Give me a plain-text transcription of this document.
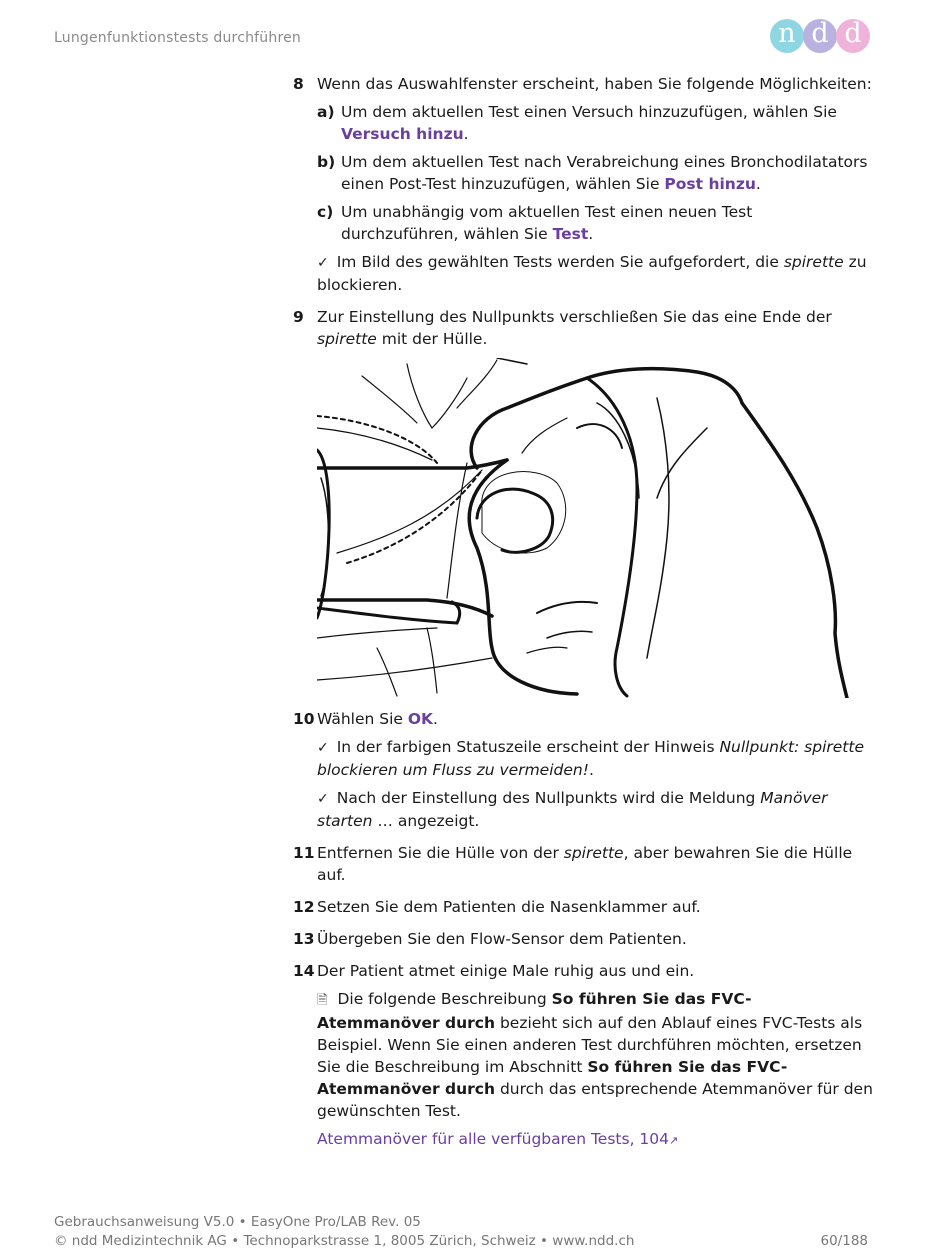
Lungenfunktionstests durchführen	n d d
8 Wenn das Auswahlfenster erscheint, haben Sie folgende Möglichkeiten:
a) Um dem aktuellen Test einen Versuch hinzuzufügen, wählen Sie Versuch hinzu.
b) Um dem aktuellen Test nach Verabreichung eines Bronchodilatators einen Post-Test hinzuzufügen, wählen Sie Post hinzu.
c) Um unabhängig vom aktuellen Test einen neuen Test durchzuführen, wählen Sie Test.
✓ Im Bild des gewählten Tests werden Sie aufgefordert, die spirette zu blockieren.
9 Zur Einstellung des Nullpunkts verschließen Sie das eine Ende der spirette mit der Hülle.
10 Wählen Sie OK.
✓ In der farbigen Statuszeile erscheint der Hinweis Nullpunkt: spirette blockieren um Fluss zu vermeiden!.
✓ Nach der Einstellung des Nullpunkts wird die Meldung Manöver starten … angezeigt.
11 Entfernen Sie die Hülle von der spirette, aber bewahren Sie die Hülle auf.
12 Setzen Sie dem Patienten die Nasenklammer auf.
13 Übergeben Sie den Flow-Sensor dem Patienten.
14 Der Patient atmet einige Male ruhig aus und ein.
🗎 Die folgende Beschreibung So führen Sie das FVC-Atemmanöver durch bezieht sich auf den Ablauf eines FVC-Tests als Beispiel. Wenn Sie einen anderen Test durchführen möchten, ersetzen Sie die Beschreibung im Abschnitt So führen Sie das FVC-Atemmanöver durch durch das entsprechende Atemmanöver für den gewünschten Test.
Atemmanöver für alle verfügbaren Tests, 104↗
Gebrauchsanweisung V5.0 • EasyOne Pro/LAB Rev. 05
© ndd Medizintechnik AG • Technoparkstrasse 1, 8005 Zürich, Schweiz • www.ndd.ch	60/188
